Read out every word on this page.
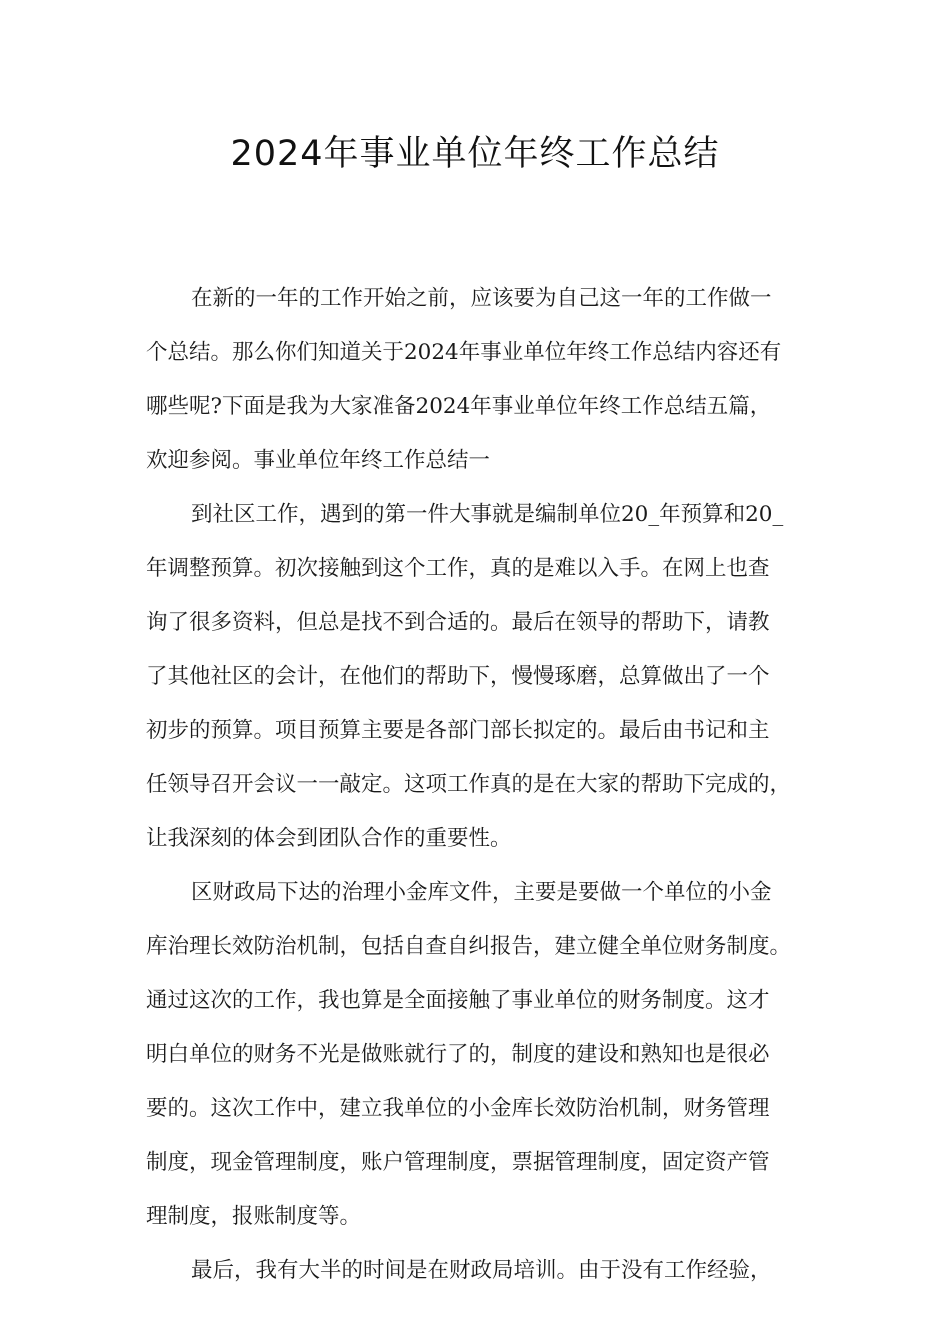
2024年事业单位年终工作总结
在新的一年的工作开始之前，应该要为自己这一年的工作做一
个总结。那么你们知道关于2024年事业单位年终工作总结内容还有
哪些呢?下面是我为大家准备2024年事业单位年终工作总结五篇，
欢迎参阅。事业单位年终工作总结一
到社区工作，遇到的第一件大事就是编制单位20_年预算和20_
年调整预算。初次接触到这个工作，真的是难以入手。在网上也查
询了很多资料，但总是找不到合适的。最后在领导的帮助下，请教
了其他社区的会计，在他们的帮助下，慢慢琢磨，总算做出了一个
初步的预算。项目预算主要是各部门部长拟定的。最后由书记和主
任领导召开会议一一敲定。这项工作真的是在大家的帮助下完成的，
让我深刻的体会到团队合作的重要性。
区财政局下达的治理小金库文件，主要是要做一个单位的小金
库治理长效防治机制，包括自查自纠报告，建立健全单位财务制度。
通过这次的工作，我也算是全面接触了事业单位的财务制度。这才
明白单位的财务不光是做账就行了的，制度的建设和熟知也是很必
要的。这次工作中，建立我单位的小金库长效防治机制，财务管理
制度，现金管理制度，账户管理制度，票据管理制度，固定资产管
理制度，报账制度等。
最后，我有大半的时间是在财政局培训。由于没有工作经验，
